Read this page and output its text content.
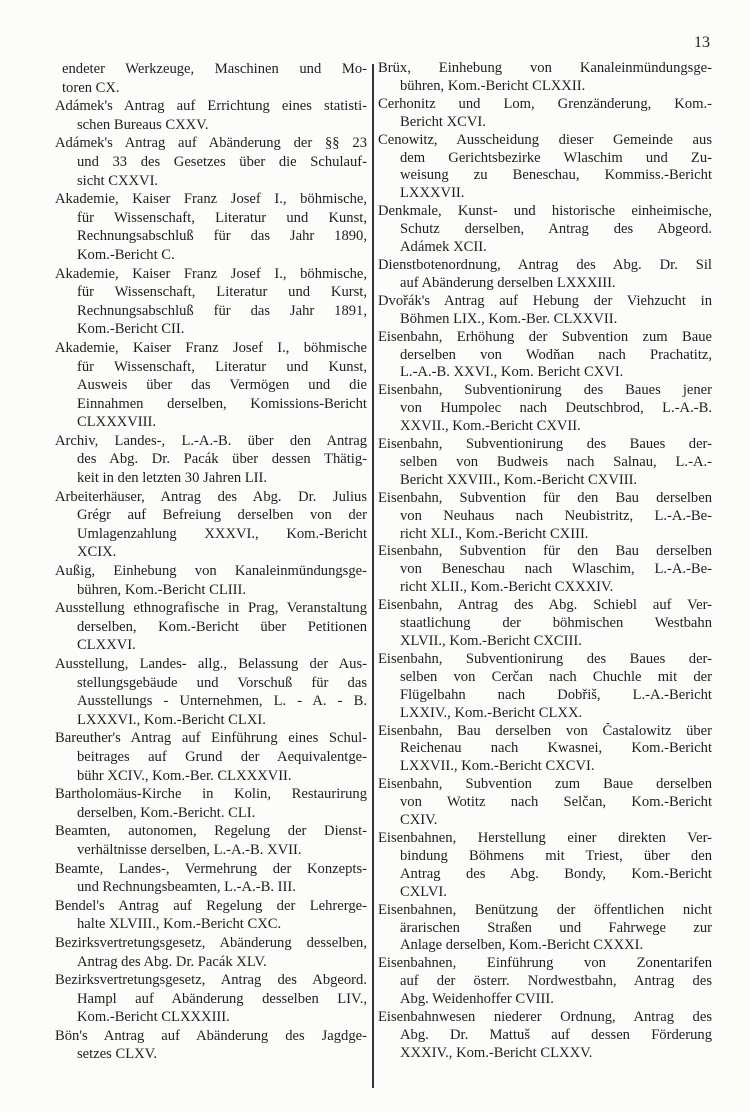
13
endeter Werkzeuge, Maschinen und Mo-
toren CX.
Adámek's Antrag auf Errichtung eines statisti-
schen Bureaus CXXV.
Adámek's Antrag auf Abänderung der §§ 23
und 33 des Gesetzes über die Schulauf-
sicht CXXVI.
Akademie, Kaiser Franz Josef I., böhmische,
für Wissenschaft, Literatur und Kunst,
Rechnungsabschluß für das Jahr 1890,
Kom.-Bericht C.
Akademie, Kaiser Franz Josef I., böhmische,
für Wissenschaft, Literatur und Kurst,
Rechnungsabschluß für das Jahr 1891,
Kom.-Bericht CII.
Akademie, Kaiser Franz Josef I., böhmische
für Wissenschaft, Literatur und Kunst,
Ausweis über das Vermögen und die
Einnahmen derselben, Komissions-Bericht
CLXXXVIII.
Archiv, Landes-, L.-A.-B. über den Antrag
des Abg. Dr. Pacák über dessen Thätig-
keit in den letzten 30 Jahren LII.
Arbeiterhäuser, Antrag des Abg. Dr. Julius
Grégr auf Befreiung derselben von der
Umlagenzahlung XXXVI., Kom.-Bericht
XCIX.
Außig, Einhebung von Kanaleinmündungsge-
bühren, Kom.-Bericht CLIII.
Ausstellung ethnografische in Prag, Veranstaltung
derselben, Kom.-Bericht über Petitionen
CLXXVI.
Ausstellung, Landes- allg., Belassung der Aus-
stellungsgebäude und Vorschuß für das
Ausstellungs - Unternehmen, L. - A. - B.
LXXXVI., Kom.-Bericht CLXI.
Bareuther's Antrag auf Einführung eines Schul-
beitrages auf Grund der Aequivalentge-
bühr XCIV., Kom.-Ber. CLXXXVII.
Bartholomäus-Kirche in Kolin, Restaurirung
derselben, Kom.-Bericht. CLI.
Beamten, autonomen, Regelung der Dienst-
verhältnisse derselben, L.-A.-B. XVII.
Beamte, Landes-, Vermehrung der Konzepts-
und Rechnungsbeamten, L.-A.-B. III.
Bendel's Antrag auf Regelung der Lehrerge-
halte XLVIII., Kom.-Bericht CXC.
Bezirksvertretungsgesetz, Abänderung desselben,
Antrag des Abg. Dr. Pacák XLV.
Bezirksvertretungsgesetz, Antrag des Abgeord.
Hampl auf Abänderung desselben LIV.,
Kom.-Bericht CLXXXIII.
Bön's Antrag auf Abänderung des Jagdge-
setzes CLXV.
Brüx, Einhebung von Kanaleinmündungsge-
bühren, Kom.-Bericht CLXXII.
Cerhonitz und Lom, Grenzänderung, Kom.-
Bericht XCVI.
Cenowitz, Ausscheidung dieser Gemeinde aus
dem Gerichtsbezirke Wlaschim und Zu-
weisung zu Beneschau, Kommiss.-Bericht
LXXXVII.
Denkmale, Kunst- und historische einheimische,
Schutz derselben, Antrag des Abgeord.
Adámek XCII.
Dienstbotenordnung, Antrag des Abg. Dr. Sil
auf Abänderung derselben LXXXIII.
Dvořák's Antrag auf Hebung der Viehzucht in
Böhmen LIX., Kom.-Ber. CLXXVII.
Eisenbahn, Erhöhung der Subvention zum Baue
derselben von Wodňan nach Prachatitz,
L.-A.-B. XXVI., Kom. Bericht CXVI.
Eisenbahn, Subventionirung des Baues jener
von Humpolec nach Deutschbrod, L.-A.-B.
XXVII., Kom.-Bericht CXVII.
Eisenbahn, Subventionirung des Baues der-
selben von Budweis nach Salnau, L.-A.-
Bericht XXVIII., Kom.-Bericht CXVIII.
Eisenbahn, Subvention für den Bau derselben
von Neuhaus nach Neubistritz, L.-A.-Be-
richt XLI., Kom.-Bericht CXIII.
Eisenbahn, Subvention für den Bau derselben
von Beneschau nach Wlaschim, L.-A.-Be-
richt XLII., Kom.-Bericht CXXXIV.
Eisenbahn, Antrag des Abg. Schiebl auf Ver-
staatlichung der böhmischen Westbahn
XLVII., Kom.-Bericht CXCIII.
Eisenbahn, Subventionirung des Baues der-
selben von Cerčan nach Chuchle mit der
Flügelbahn nach Dobřiš, L.-A.-Bericht
LXXIV., Kom.-Bericht CLXX.
Eisenbahn, Bau derselben von Častalowitz über
Reichenau nach Kwasnei, Kom.-Bericht
LXXVII., Kom.-Bericht CXCVI.
Eisenbahn, Subvention zum Baue derselben
von Wotitz nach Selčan, Kom.-Bericht
CXIV.
Eisenbahnen, Herstellung einer direkten Ver-
bindung Böhmens mit Triest, über den
Antrag des Abg. Bondy, Kom.-Bericht
CXLVI.
Eisenbahnen, Benützung der öffentlichen nicht
ärarischen Straßen und Fahrwege zur
Anlage derselben, Kom.-Bericht CXXXI.
Eisenbahnen, Einführung von Zonentarifen
auf der österr. Nordwestbahn, Antrag des
Abg. Weidenhoffer CVIII.
Eisenbahnwesen niederer Ordnung, Antrag des
Abg. Dr. Mattuš auf dessen Förderung
XXXIV., Kom.-Bericht CLXXV.
